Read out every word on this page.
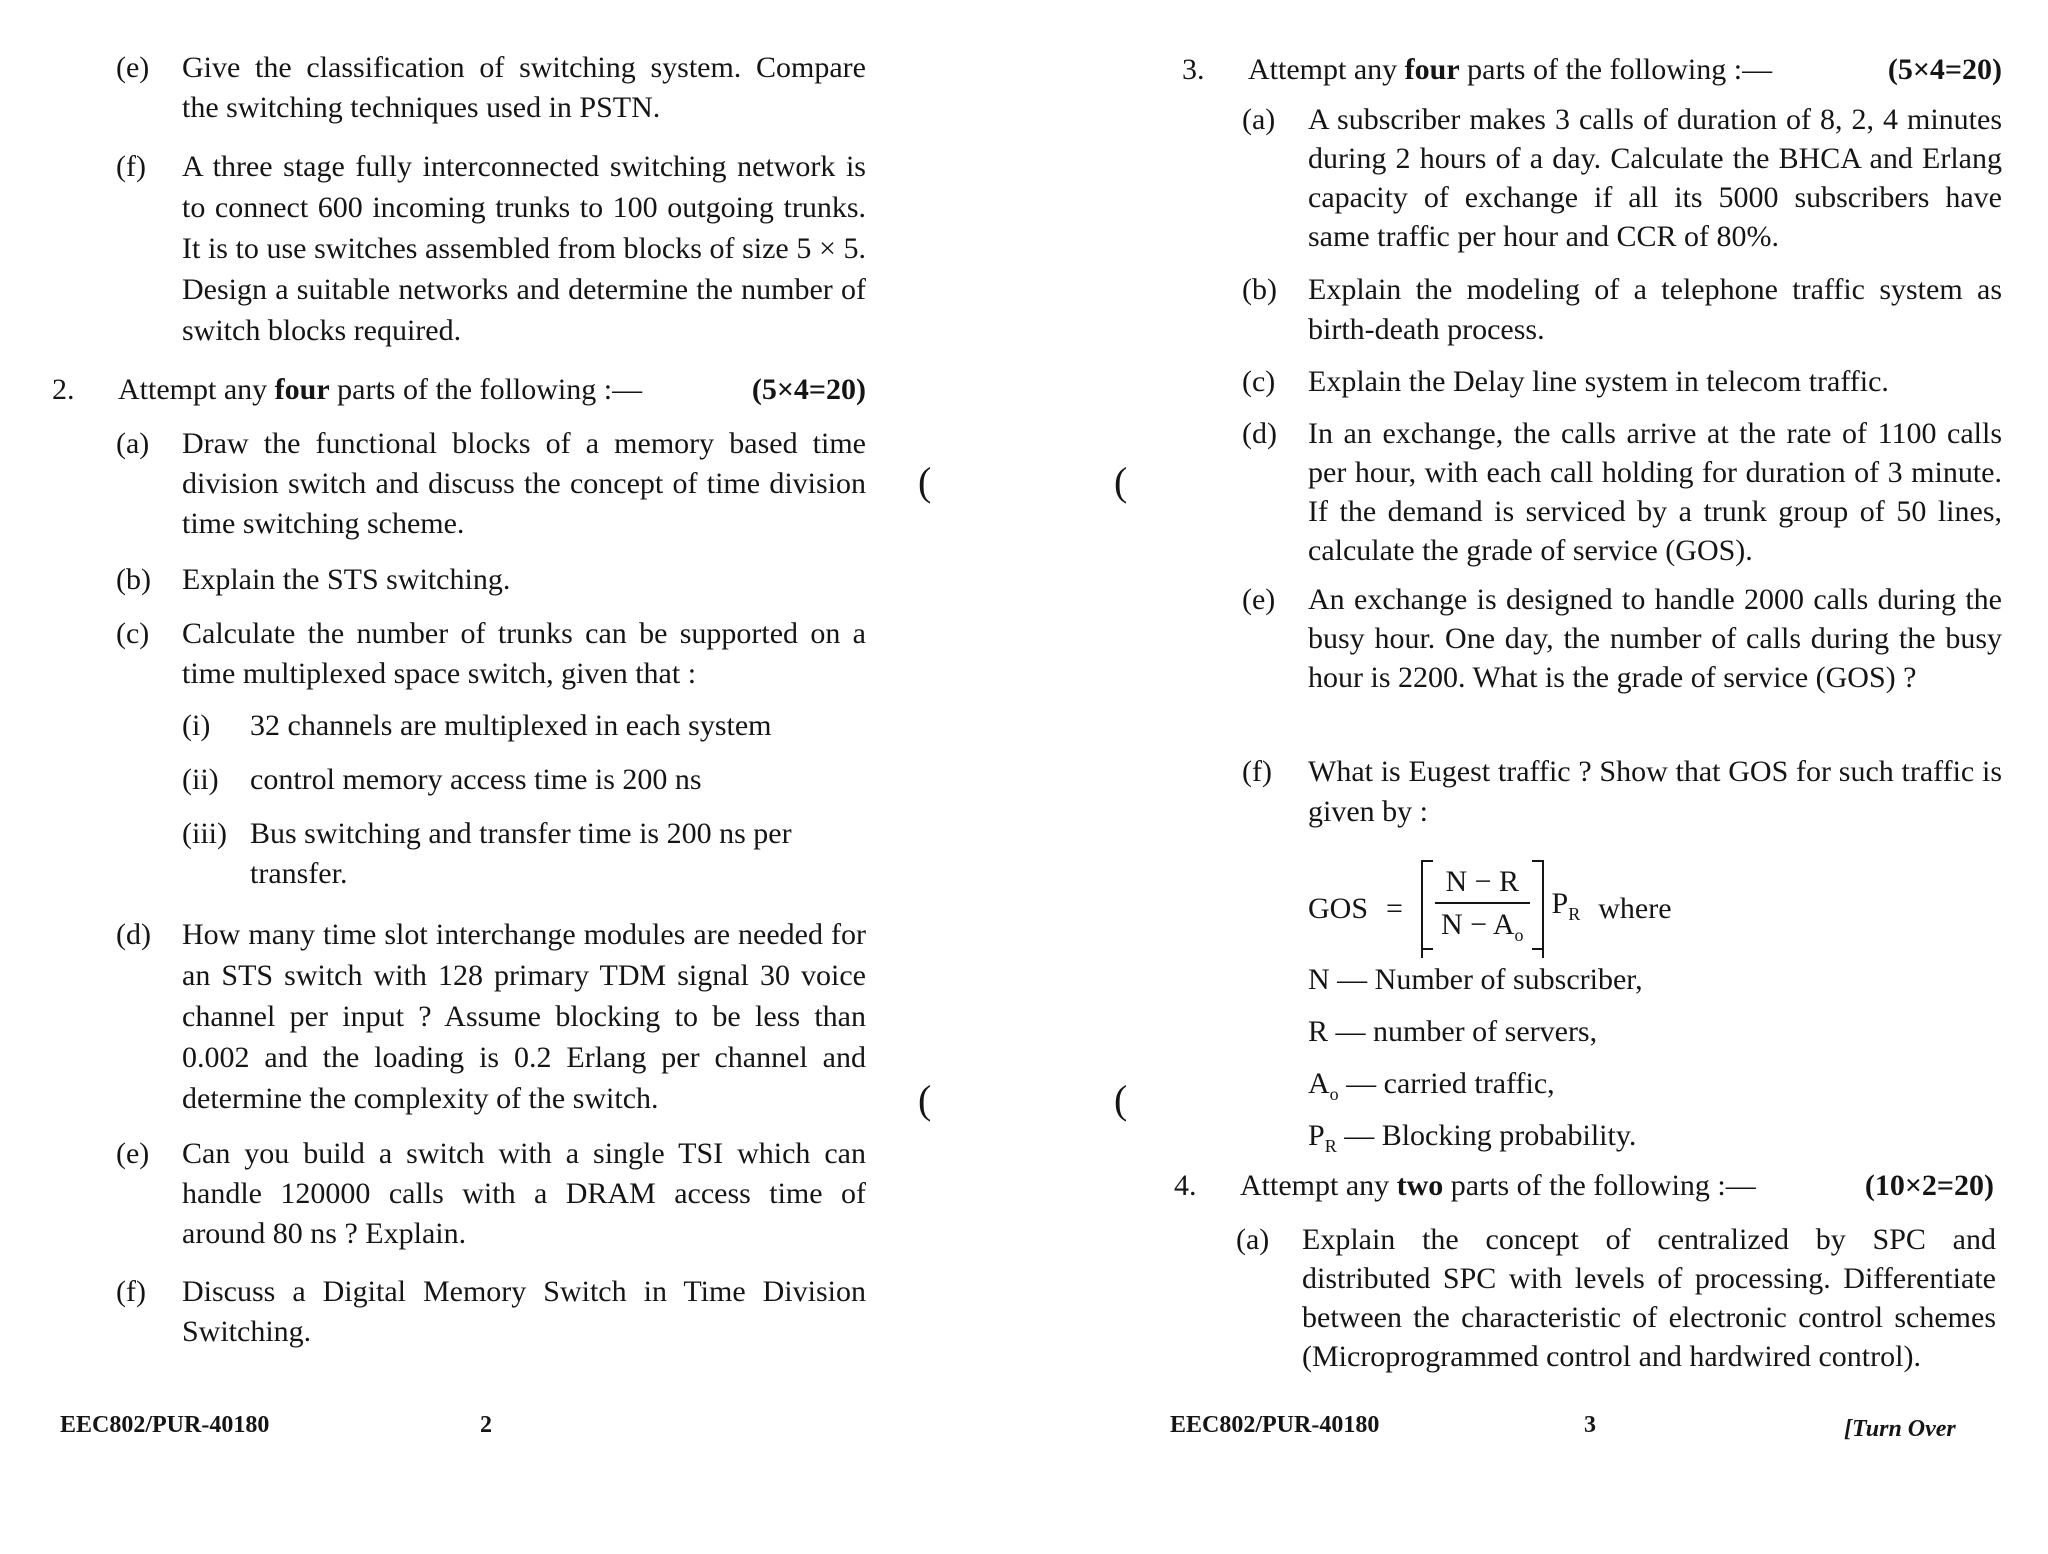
(e)	Give the classification of switching system. Compare the switching techniques used in PSTN.
(f)	A three stage fully interconnected switching network is to connect 600 incoming trunks to 100 outgoing trunks. It is to use switches assembled from blocks of size 5 × 5. Design a suitable networks and determine the number of switch blocks required.
2.	Attempt any four parts of the following :—	(5×4=20)
(a)	Draw the functional blocks of a memory based time division switch and discuss the concept of time division time switching scheme.
(b)	Explain the STS switching.
(c)	Calculate the number of trunks can be supported on a time multiplexed space switch, given that :
(i)	32 channels are multiplexed in each system
(ii)	control memory access time is 200 ns
(iii) Bus switching and transfer time is 200 ns per transfer.
(d)	How many time slot interchange modules are needed for an STS switch with 128 primary TDM signal 30 voice channel per input ? Assume blocking to be less than 0.002 and the loading is 0.2 Erlang per channel and determine the complexity of the switch.
(e)	Can you build a switch with a single TSI which can handle 120000 calls with a DRAM access time of around 80 ns ? Explain.
(f)	Discuss a Digital Memory Switch in Time Division Switching.
EEC802/PUR-40180	2
(
(
(
(
3.	Attempt any four parts of the following :—	(5×4=20)
(a)	A subscriber makes 3 calls of duration of 8, 2, 4 minutes during 2 hours of a day. Calculate the BHCA and Erlang capacity of exchange if all its 5000 subscribers have same traffic per hour and CCR of 80%.
(b)	Explain the modeling of a telephone traffic system as birth-death process.
(c)	Explain the Delay line system in telecom traffic.
(d)	In an exchange, the calls arrive at the rate of 1100 calls per hour, with each call holding for duration of 3 minute. If the demand is serviced by a trunk group of 50 lines, calculate the grade of service (GOS).
(e)	An exchange is designed to handle 2000 calls during the busy hour. One day, the number of calls during the busy hour is 2200. What is the grade of service (GOS) ?
(f)	What is Eugest traffic ? Show that GOS for such traffic is given by :
GOS = $\frac{N - R}{N - A_o} P_R$ where
N — Number of subscriber,
R — number of servers,
$A_o$ — carried traffic,
$P_R$ — Blocking probability.
4.	Attempt any two parts of the following :—	(10×2=20)
(a)	Explain the concept of centralized by SPC and distributed SPC with levels of processing. Differentiate between the characteristic of electronic control schemes (Microprogrammed control and hardwired control).
EEC802/PUR-40180	3	[Turn Over
